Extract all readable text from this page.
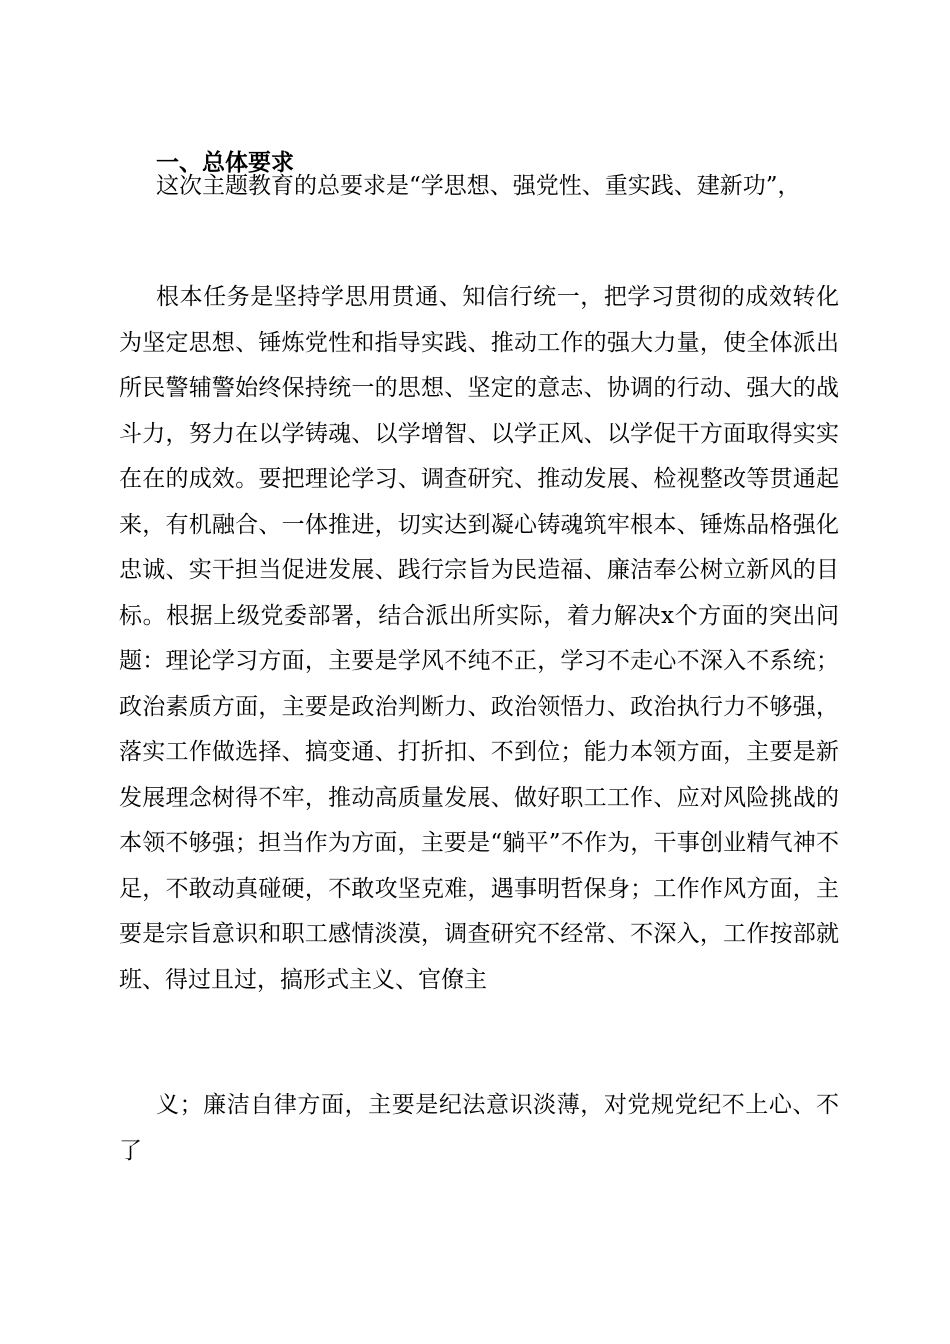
一、总体要求

这次主题教育的总要求是“学思想、强党性、重实践、建新功”，

根本任务是坚持学思用贯通、知信行统一，把学习贯彻的成效转化为坚定思想、锤炼党性和指导实践、推动工作的强大力量，使全体派出所民警辅警始终保持统一的思想、坚定的意志、协调的行动、强大的战斗力，努力在以学铸魂、以学增智、以学正风、以学促干方面取得实实在在的成效。要把理论学习、调查研究、推动发展、检视整改等贯通起来，有机融合、一体推进，切实达到凝心铸魂筑牢根本、锤炼品格强化忠诚、实干担当促进发展、践行宗旨为民造福、廉洁奉公树立新风的目标。根据上级党委部署，结合派出所实际，着力解决x个方面的突出问题：理论学习方面，主要是学风不纯不正，学习不走心不深入不系统；政治素质方面，主要是政治判断力、政治领悟力、政治执行力不够强，落实工作做选择、搞变通、打折扣、不到位；能力本领方面，主要是新发展理念树得不牢，推动高质量发展、做好职工工作、应对风险挑战的本领不够强；担当作为方面，主要是“躺平”不作为，干事创业精气神不足，不敢动真碰硬，不敢攻坚克难，遇事明哲保身；工作作风方面，主要是宗旨意识和职工感情淡漠，调查研究不经常、不深入，工作按部就班、得过且过，搞形式主义、官僚主

义；廉洁自律方面，主要是纪法意识淡薄，对党规党纪不上心、不了
